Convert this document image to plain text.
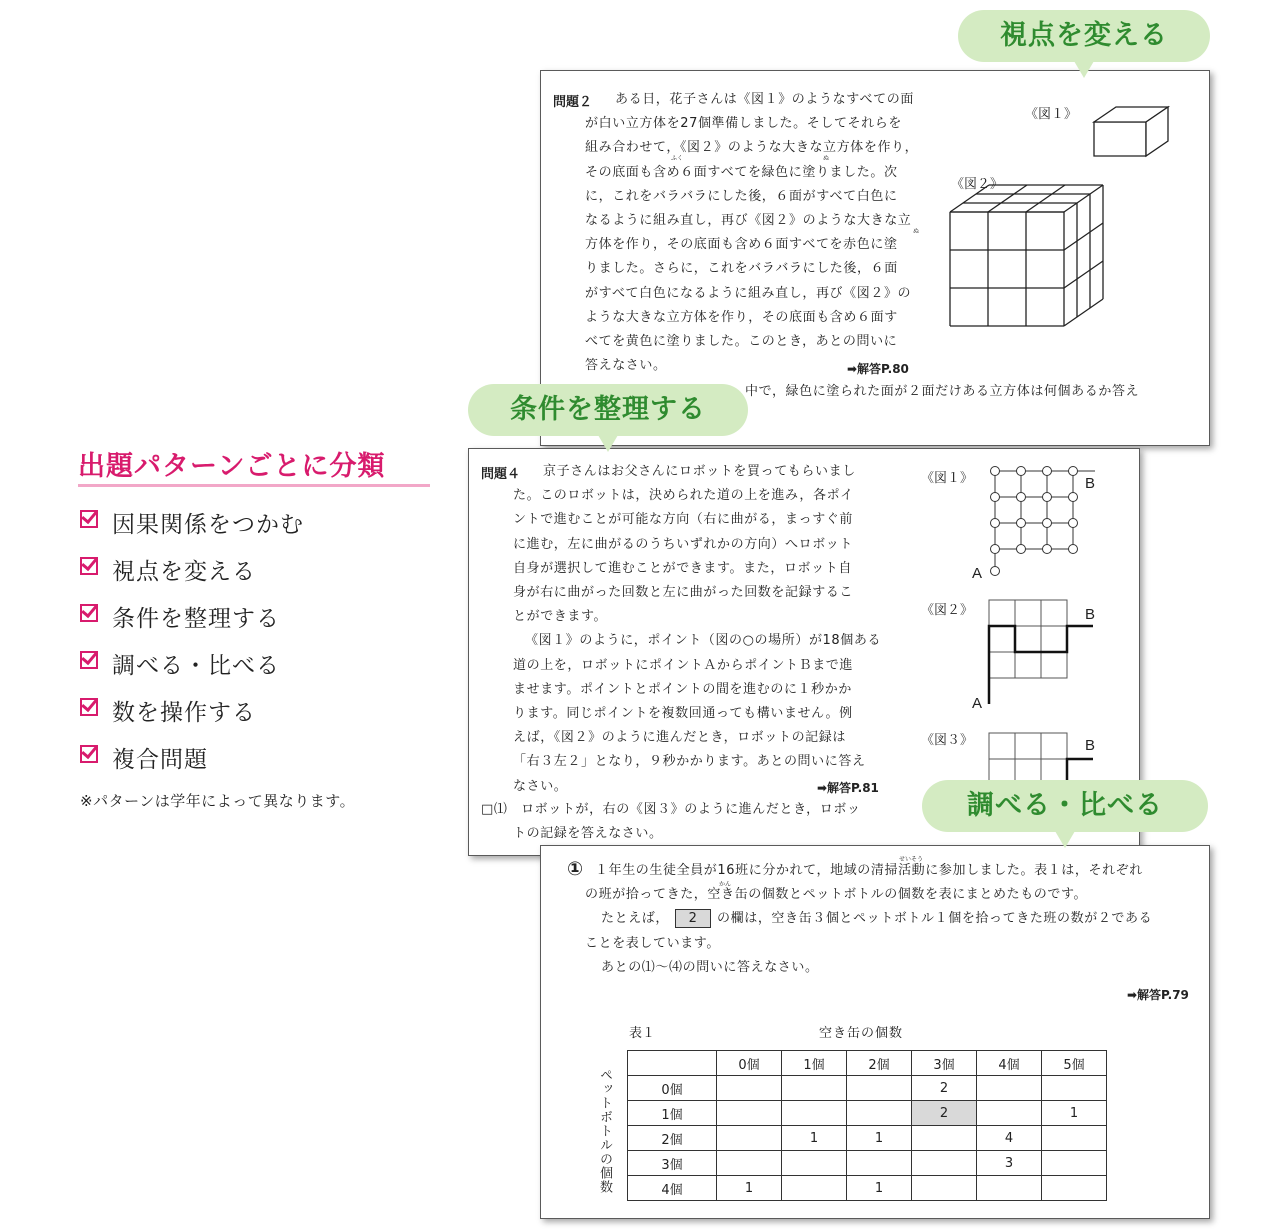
出題パターンごとに分類
因果関係をつかむ
視点を変える
条件を整理する
調べる・比べる
数を操作する
複合問題
※パターンは学年によって異なります。
問題２	ある日，花子さんは《図１》のようなすべての面
が白い立方体を27個準備しました。そしてそれらを
組み合わせて，《図２》のような大きな立方体を作り，
その底面も含め６面すべてを緑色に塗りました。次
に，これをバラバラにした後，６面がすべて白色に
なるように組み直し，再び《図２》のような大きな立
方体を作り，その底面も含め６面すべてを赤色に塗
りました。さらに，これをバラバラにした後，６面
がすべて白色になるように組み直し，再び《図２》の
ような大きな立方体を作り，その底面も含め６面す
べてを黄色に塗りました。このとき，あとの問いに
答えなさい。
ふく	ぬ
ぬ
➡解答P.80
中で，緑色に塗られた面が２面だけある立方体は何個あるか答え
《図１》
《図２》
問題４	京子さんはお父さんにロボットを買ってもらいまし
た。このロボットは，決められた道の上を進み，各ポイ
ントで進むことが可能な方向（右に曲がる，まっすぐ前
に進む，左に曲がるのうちいずれかの方向）へロボット
自身が選択して進むことができます。また，ロボット自
身が右に曲がった回数と左に曲がった回数を記録するこ
とができます。
《図１》のように，ポイント（図の○の場所）が18個ある
道の上を，ロボットにポイントＡからポイントＢまで進
ませます。ポイントとポイントの間を進むのに１秒かか
ります。同じポイントを複数回通っても構いません。例
えば，《図２》のように進んだとき，ロボットの記録は
「右３左２」となり，９秒かかります。あとの問いに答え
なさい。	➡解答P.81
□⑴　ロボットが，右の《図３》のように進んだとき，ロボッ
トの記録を答えなさい。
《図１》
《図２》
《図３》
B
A
B
A
B
①	せいそう
かん
１年生の生徒全員が16班に分かれて，地域の清掃活動に参加しました。表１は，それぞれ
の班が拾ってきた，空き缶の個数とペットボトルの個数を表にまとめたものです。
たとえば， 2 の欄は，空き缶３個とペットボトル１個を拾ってきた班の数が２である
ことを表しています。
あとの⑴〜⑷の問いに答えなさい。
➡解答P.79
表１	空き缶の個数
ペットボトルの個数
	0個	1個	2個	3個	4個	5個
0個				2		
1個				2		1
2個		1	1		4	
3個					3	
4個	1		1			
視点を変える
条件を整理する
調べる・比べる
